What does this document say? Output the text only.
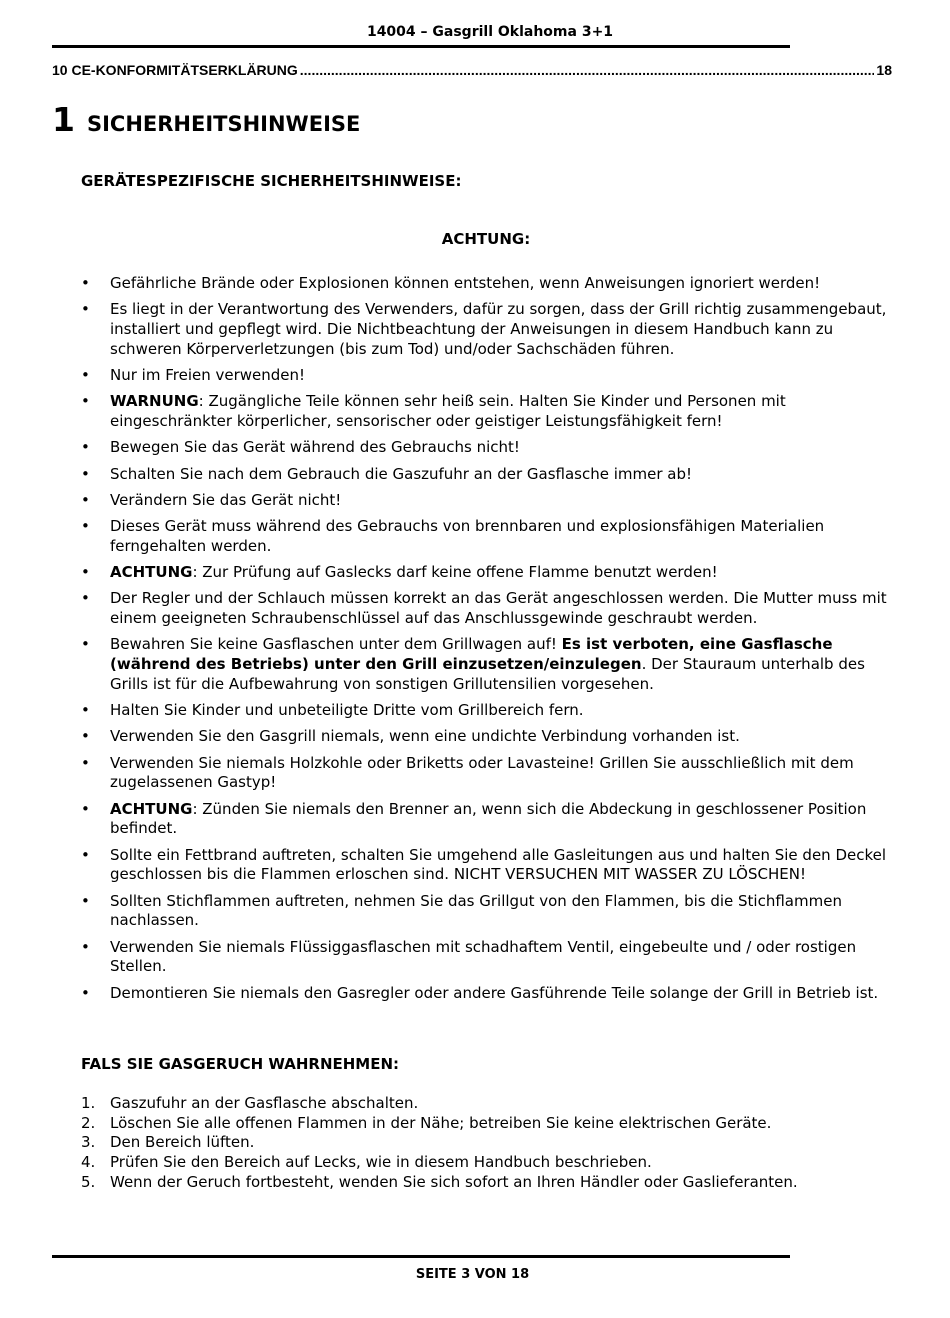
14004 – Gasgrill Oklahoma 3+1
10 CE-KONFORMITÄTSERKLÄRUNG
.....	18
1 SICHERHEITSHINWEISE
GERÄTESPEZIFISCHE SICHERHEITSHINWEISE:
ACHTUNG:
• Gefährliche Brände oder Explosionen können entstehen, wenn Anweisungen ignoriert werden!
• Es liegt in der Verantwortung des Verwenders, dafür zu sorgen, dass der Grill richtig zusammengebaut, installiert und gepflegt wird. Die Nichtbeachtung der Anweisungen in diesem Handbuch kann zu schweren Körperverletzungen (bis zum Tod) und/oder Sachschäden führen.
• Nur im Freien verwenden!
• WARNUNG: Zugängliche Teile können sehr heiß sein. Halten Sie Kinder und Personen mit eingeschränkter körperlicher, sensorischer oder geistiger Leistungsfähigkeit fern!
• Bewegen Sie das Gerät während des Gebrauchs nicht!
• Schalten Sie nach dem Gebrauch die Gaszufuhr an der Gasflasche immer ab!
• Verändern Sie das Gerät nicht!
• Dieses Gerät muss während des Gebrauchs von brennbaren und explosionsfähigen Materialien ferngehalten werden.
• ACHTUNG: Zur Prüfung auf Gaslecks darf keine offene Flamme benutzt werden!
• Der Regler und der Schlauch müssen korrekt an das Gerät angeschlossen werden. Die Mutter muss mit einem geeigneten Schraubenschlüssel auf das Anschlussgewinde geschraubt werden.
• Bewahren Sie keine Gasflaschen unter dem Grillwagen auf! Es ist verboten, eine Gasflasche (während des Betriebs) unter den Grill einzusetzen/einzulegen. Der Stauraum unterhalb des Grills ist für die Aufbewahrung von sonstigen Grillutensilien vorgesehen.
• Halten Sie Kinder und unbeteiligte Dritte vom Grillbereich fern.
• Verwenden Sie den Gasgrill niemals, wenn eine undichte Verbindung vorhanden ist.
• Verwenden Sie niemals Holzkohle oder Briketts oder Lavasteine! Grillen Sie ausschließlich mit dem zugelassenen Gastyp!
• ACHTUNG: Zünden Sie niemals den Brenner an, wenn sich die Abdeckung in geschlossener Position befindet.
• Sollte ein Fettbrand auftreten, schalten Sie umgehend alle Gasleitungen aus und halten Sie den Deckel geschlossen bis die Flammen erloschen sind. NICHT VERSUCHEN MIT WASSER ZU LÖSCHEN!
• Sollten Stichflammen auftreten, nehmen Sie das Grillgut von den Flammen, bis die Stichflammen nachlassen.
• Verwenden Sie niemals Flüssiggasflaschen mit schadhaftem Ventil, eingebeulte und / oder rostigen Stellen.
• Demontieren Sie niemals den Gasregler oder andere Gasführende Teile solange der Grill in Betrieb ist.
FALS SIE GASGERUCH WAHRNEHMEN:
1. Gaszufuhr an der Gasflasche abschalten.
2. Löschen Sie alle offenen Flammen in der Nähe; betreiben Sie keine elektrischen Geräte.
3. Den Bereich lüften.
4. Prüfen Sie den Bereich auf Lecks, wie in diesem Handbuch beschrieben.
5. Wenn der Geruch fortbesteht, wenden Sie sich sofort an Ihren Händler oder Gaslieferanten.
SEITE 3 VON 18
